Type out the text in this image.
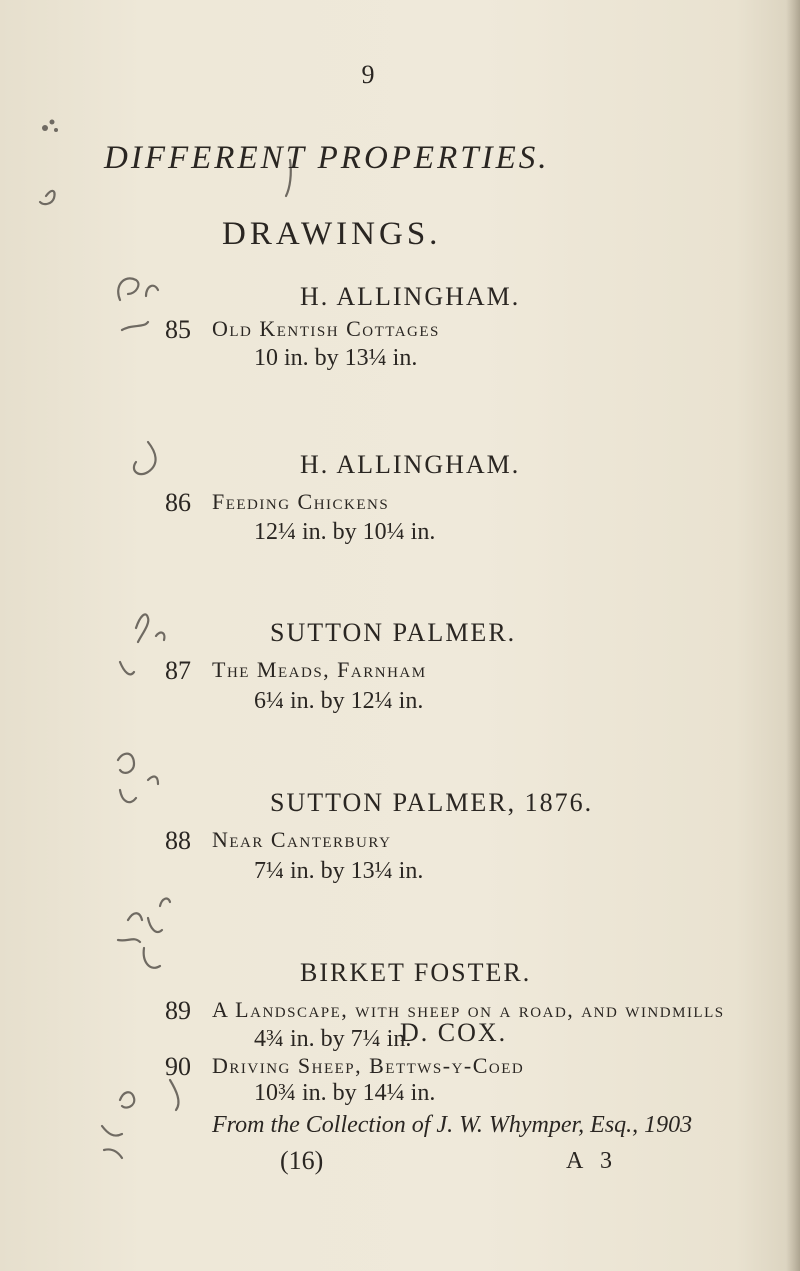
9
DIFFERENT PROPERTIES.
DRAWINGS.
H. ALLINGHAM.
85 Old Kentish Cottages
10 in. by 13¼ in.
H. ALLINGHAM.
86 Feeding Chickens
12¼ in. by 10¼ in.
SUTTON PALMER.
87 The Meads, Farnham
6¼ in. by 12¼ in.
SUTTON PALMER, 1876.
88 Near Canterbury
7¼ in. by 13¼ in.
BIRKET FOSTER.
89 A Landscape, with sheep on a road, and windmills
4¾ in. by 7¼ in.
D. COX.
90 Driving Sheep, Bettws-y-Coed
10¾ in. by 14¼ in.
From the Collection of J. W. Whymper, Esq., 1903
(16)	A 3
